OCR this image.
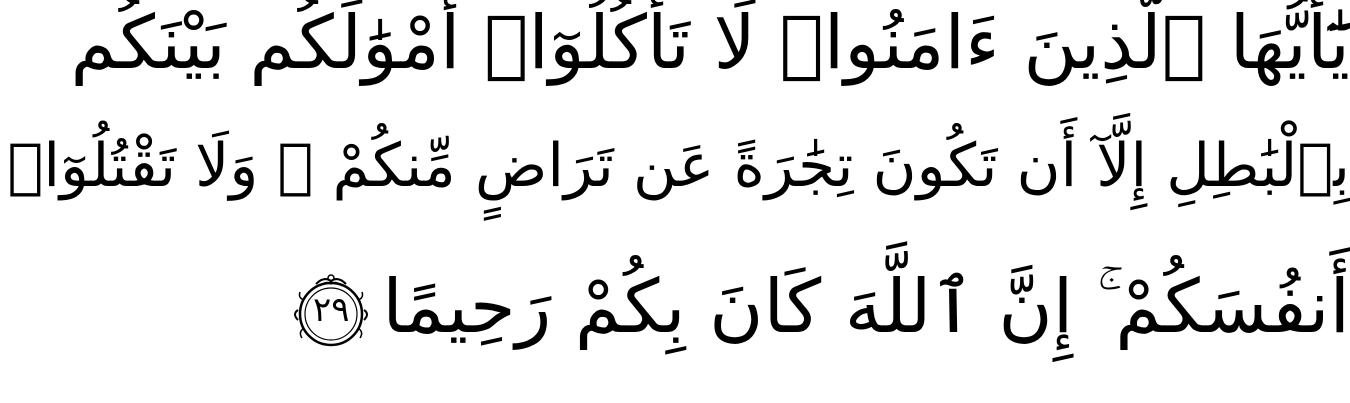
يَٰٓأَيُّهَا ٱلَّذِينَ ءَامَنُوا۟ لَا تَأْكُلُوٓا۟ أَمْوَٰلَكُم بَيْنَكُم
بِٱلْبَٰطِلِ إِلَّآ أَن تَكُونَ تِجَٰرَةً عَن تَرَاضٍ مِّنكُمْ ۚ وَلَا تَقْتُلُوٓا۟
أَنفُسَكُمْ ۚ إِنَّ ٱللَّهَ كَانَ بِكُمْ رَحِيمًا
٢٩
